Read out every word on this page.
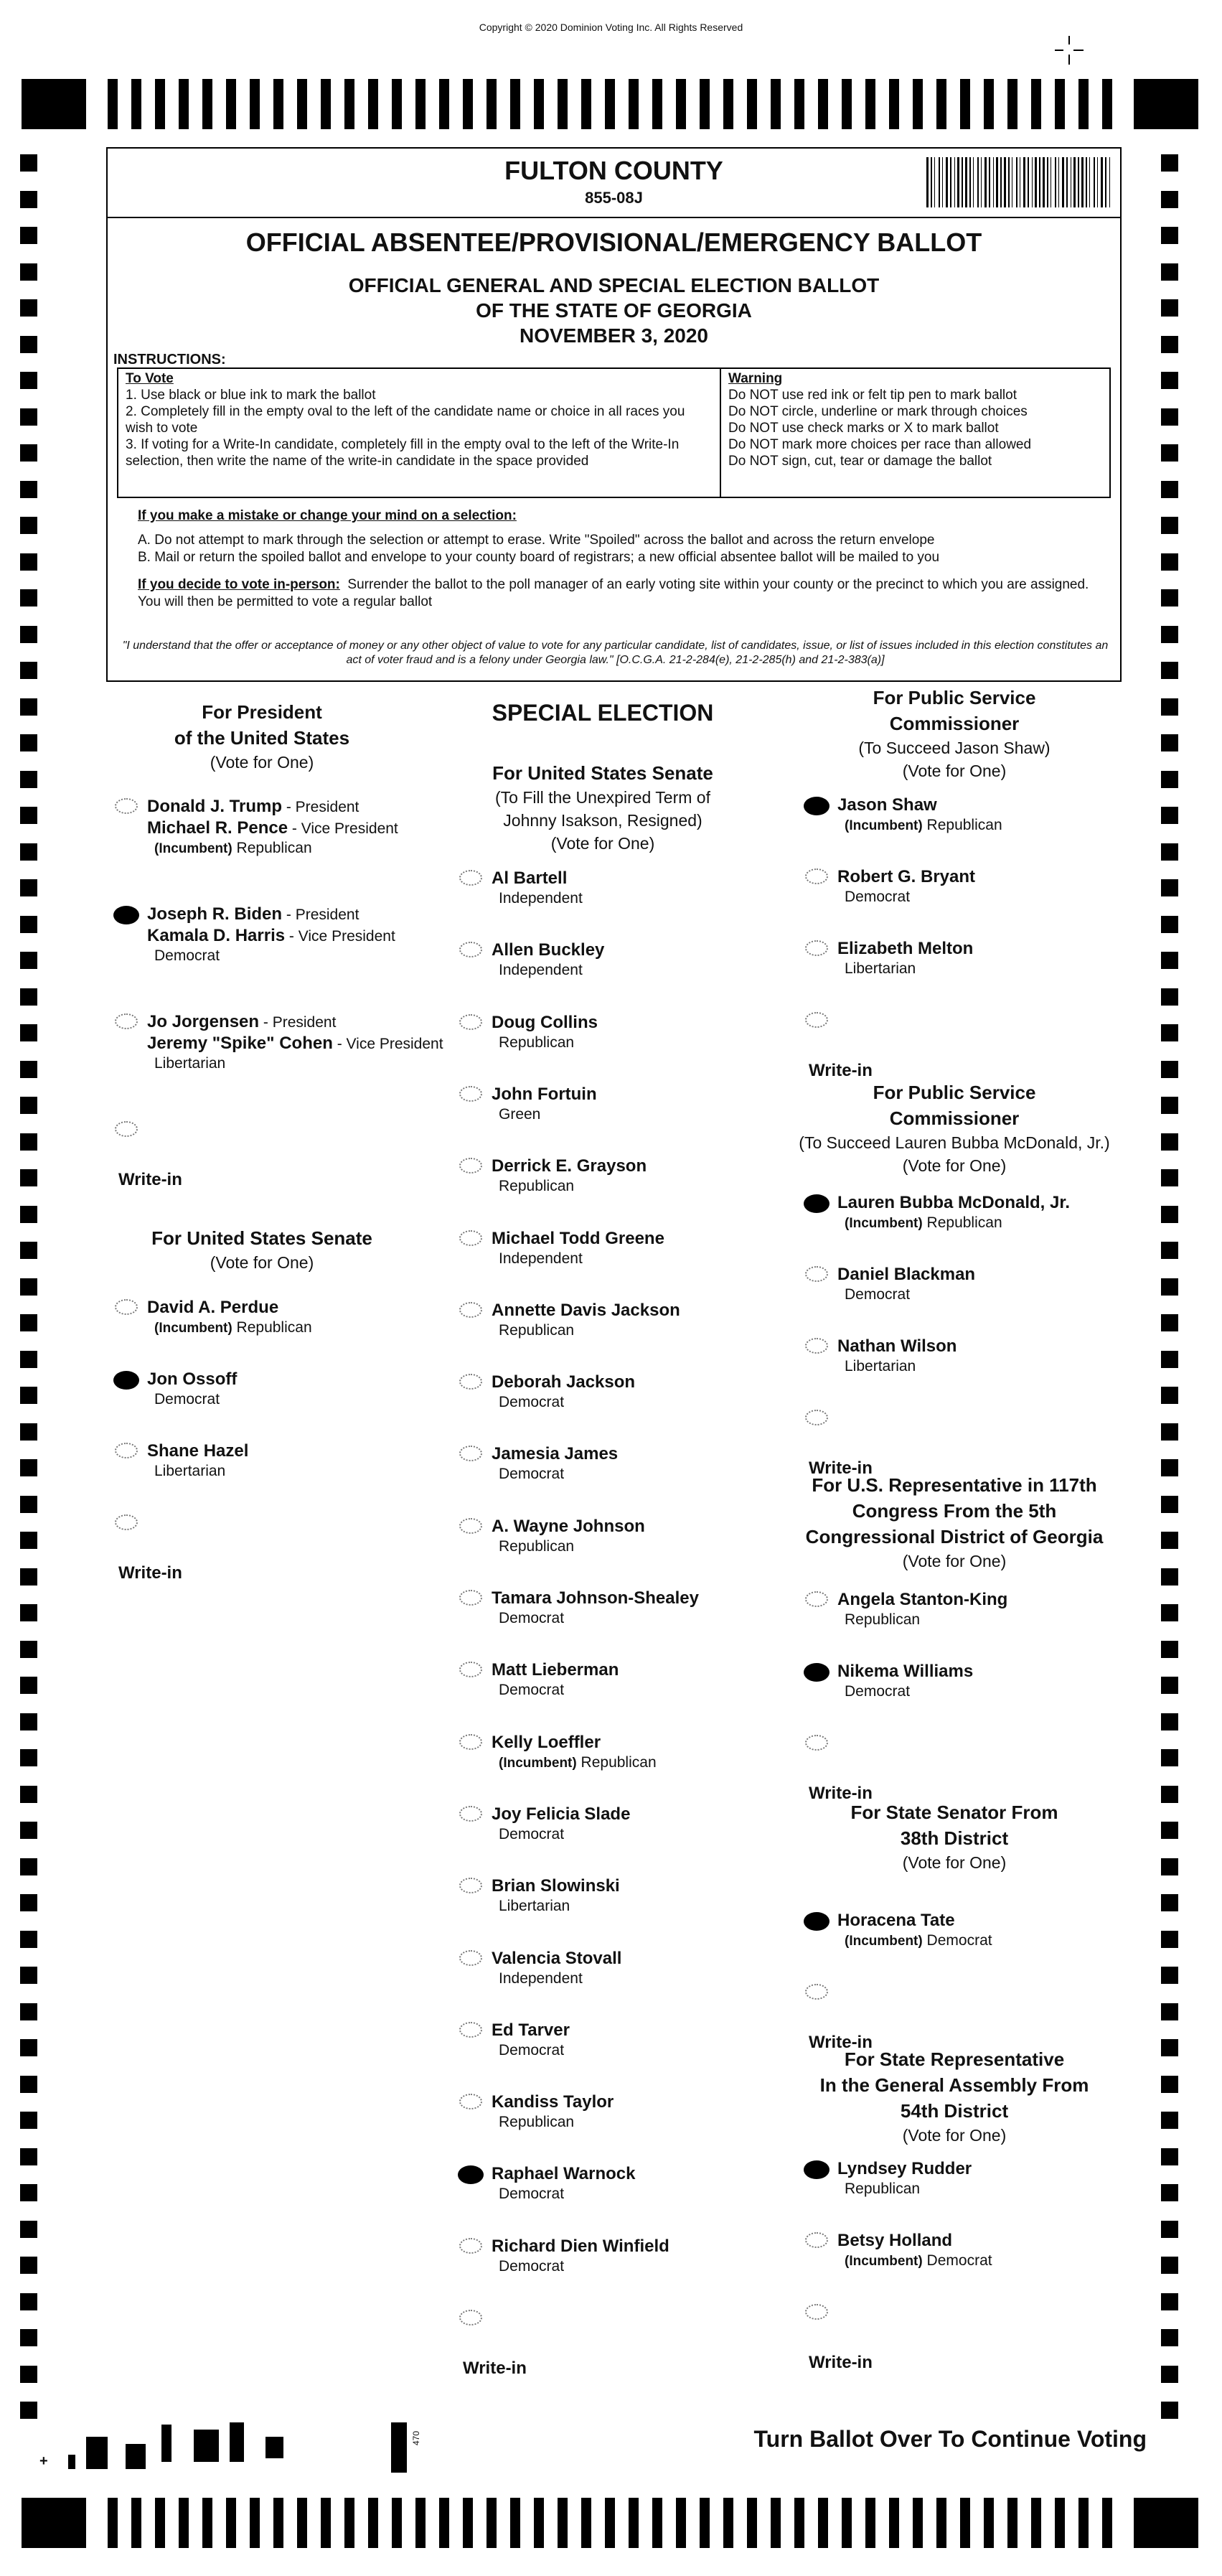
Copyright © 2020 Dominion Voting Inc. All Rights Reserved
FULTON COUNTY
855-08J
OFFICIAL ABSENTEE/PROVISIONAL/EMERGENCY BALLOT
OFFICIAL GENERAL AND SPECIAL ELECTION BALLOT
OF THE STATE OF GEORGIA
NOVEMBER 3, 2020
INSTRUCTIONS:
To Vote
1. Use black or blue ink to mark the ballot
2. Completely fill in the empty oval to the left of the candidate name or choice in all races you wish to vote
3. If voting for a Write-In candidate, completely fill in the empty oval to the left of the Write-In selection, then write the name of the write-in candidate in the space provided
Warning
Do NOT use red ink or felt tip pen to mark ballot
Do NOT circle, underline or mark through choices
Do NOT use check marks or X to mark ballot
Do NOT mark more choices per race than allowed
Do NOT sign, cut, tear or damage the ballot
If you make a mistake or change your mind on a selection:
A. Do not attempt to mark through the selection or attempt to erase. Write "Spoiled" across the ballot and across the return envelope
B. Mail or return the spoiled ballot and envelope to your county board of registrars; a new official absentee ballot will be mailed to you
If you decide to vote in-person: Surrender the ballot to the poll manager of an early voting site within your county or the precinct to which you are assigned. You will then be permitted to vote a regular ballot
"I understand that the offer or acceptance of money or any other object of value to vote for any particular candidate, list of candidates, issue, or list of issues included in this election constitutes an act of voter fraud and is a felony under Georgia law." [O.C.G.A. 21-2-284(e), 21-2-285(h) and 21-2-383(a)]
SPECIAL ELECTION
For President
of the United States
(Vote for One)
Donald J. Trump - President
Michael R. Pence - Vice President
(Incumbent) Republican
Joseph R. Biden - President
Kamala D. Harris - Vice President
Democrat
Jo Jorgensen - President
Jeremy "Spike" Cohen - Vice President
Libertarian
Write-in
For United States Senate
(Vote for One)
David A. Perdue
(Incumbent) Republican
Jon Ossoff
Democrat
Shane Hazel
Libertarian
Write-in
For United States Senate
(To Fill the Unexpired Term of
Johnny Isakson, Resigned)
(Vote for One)
Al Bartell
Independent
Allen Buckley
Independent
Doug Collins
Republican
John Fortuin
Green
Derrick E. Grayson
Republican
Michael Todd Greene
Independent
Annette Davis Jackson
Republican
Deborah Jackson
Democrat
Jamesia James
Democrat
A. Wayne Johnson
Republican
Tamara Johnson-Shealey
Democrat
Matt Lieberman
Democrat
Kelly Loeffler
(Incumbent) Republican
Joy Felicia Slade
Democrat
Brian Slowinski
Libertarian
Valencia Stovall
Independent
Ed Tarver
Democrat
Kandiss Taylor
Republican
Raphael Warnock
Democrat
Richard Dien Winfield
Democrat
Write-in
For Public Service
Commissioner
(To Succeed Jason Shaw)
(Vote for One)
Jason Shaw
(Incumbent) Republican
Robert G. Bryant
Democrat
Elizabeth Melton
Libertarian
Write-in
For Public Service
Commissioner
(To Succeed Lauren Bubba McDonald, Jr.)
(Vote for One)
Lauren Bubba McDonald, Jr.
(Incumbent) Republican
Daniel Blackman
Democrat
Nathan Wilson
Libertarian
Write-in
For U.S. Representative in 117th
Congress From the 5th
Congressional District of Georgia
(Vote for One)
Angela Stanton-King
Republican
Nikema Williams
Democrat
Write-in
For State Senator From
38th District
(Vote for One)
Horacena Tate
(Incumbent) Democrat
Write-in
For State Representative
In the General Assembly From
54th District
(Vote for One)
Lyndsey Rudder
Republican
Betsy Holland
(Incumbent) Democrat
Write-in
470
+
Turn Ballot Over To Continue Voting
